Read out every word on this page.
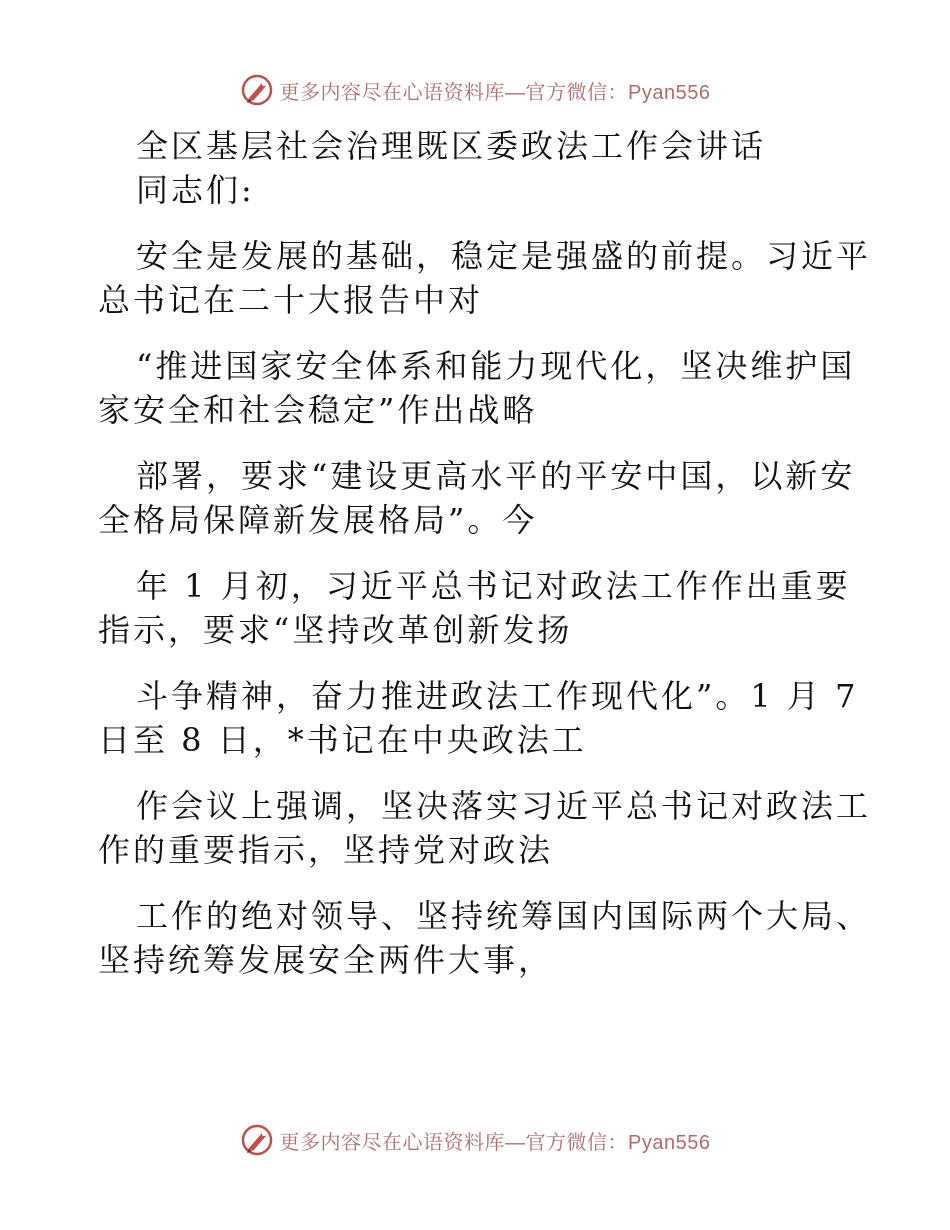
更多内容尽在心语资料库—官方微信：Pyan556

全区基层社会治理既区委政法工作会讲话

同志们:

安全是发展的基础，稳定是强盛的前提。习近平

总书记在二十大报告中对

“推进国家安全体系和能力现代化，坚决维护国

家安全和社会稳定”作出战略

部署，要求“建设更高水平的平安中国，以新安

全格局保障新发展格局”。今

年 1 月初，习近平总书记对政法工作作出重要

指示，要求“坚持改革创新发扬

斗争精神，奋力推进政法工作现代化”。1 月 7

日至 8 日，*书记在中央政法工

作会议上强调，坚决落实习近平总书记对政法工

作的重要指示，坚持党对政法

工作的绝对领导、坚持统筹国内国际两个大局、

坚持统筹发展安全两件大事，

更多内容尽在心语资料库—官方微信：Pyan556
